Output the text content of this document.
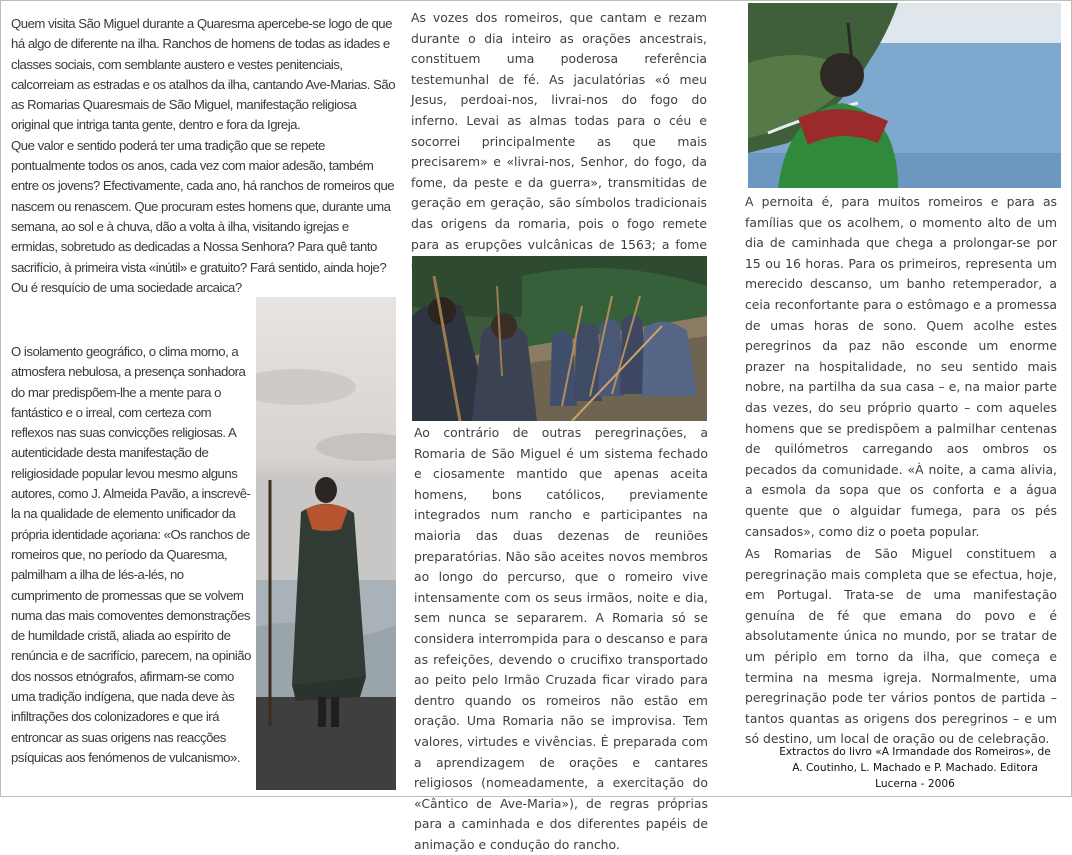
Quem visita São Miguel durante a Quaresma apercebe-se logo de que há algo de diferente na ilha. Ranchos de homens de todas as idades e classes sociais, com semblante austero e vestes penitenciais, calcorreiam as estradas e os atalhos da ilha, cantando Ave-Marias. São as Romarias Quaresmais de São Miguel, manifestação religiosa original que intriga tanta gente, dentro e fora da Igreja.

Que valor e sentido poderá ter uma tradição que se repete pontualmente todos os anos, cada vez com maior adesão, também entre os jovens? Efectivamente, cada ano, há ranchos de romeiros que nascem ou renascem. Que procuram estes homens que, durante uma semana, ao sol e à chuva, dão a volta à ilha, visitando igrejas e ermidas, sobretudo as dedicadas a Nossa Senhora? Para quê tanto sacrifício, à primeira vista «inútil» e gratuito? Fará sentido, ainda hoje? Ou é resquício de uma sociedade arcaica?

O isolamento geográfico, o clima morno, a atmosfera nebulosa, a presença sonhadora do mar predispõem-lhe a mente para o fantástico e o irreal, com certeza com reflexos nas suas convicções religiosas. A autenticidade desta manifestação de religiosidade popular levou mesmo alguns autores, como J. Almeida Pavão, a inscrevê-la na qualidade de elemento unificador da própria identidade açoriana: «Os ranchos de romeiros que, no período da Quaresma, palmilham a ilha de lés-a-lés, no cumprimento de promessas que se volvem numa das mais comoventes demonstrações de humildade cristã, aliada ao espírito de renúncia e de sacrifício, parecem, na opinião dos nossos etnógrafos, afirmam-se como uma tradição indígena, que nada deve às infiltrações dos colonizadores e que irá entroncar as suas origens nas reacções psíquicas aos fenómenos de vulcanismo».

As vozes dos romeiros, que cantam e rezam durante o dia inteiro as orações ancestrais, constituem uma poderosa referência testemunhal de fé. As jaculatórias «ó meu Jesus, perdoai-nos, livrai-nos do fogo do inferno. Levai as almas todas para o céu e socorrei principalmente as que mais precisarem» e «livrai-nos, Senhor, do fogo, da fome, da peste e da guerra», transmitidas de geração em geração, são símbolos tradicionais das origens da romaria, pois o fogo remete para as erupções vulcânicas de 1563; a fome

Ao contrário de outras peregrinações, a Romaria de São Miguel é um sistema fechado e ciosamente mantido que apenas aceita homens, bons católicos, previamente integrados num rancho e participantes na maioria das duas dezenas de reuniões preparatórias. Não são aceites novos membros ao longo do percurso, que o romeiro vive intensamente com os seus irmãos, noite e dia, sem nunca se separarem. A Romaria só se considera interrompida para o descanso e para as refeições, devendo o crucifixo transportado ao peito pelo Irmão Cruzada ficar virado para dentro quando os romeiros não estão em oração. Uma Romaria não se improvisa. Tem valores, virtudes e vivências. É preparada com a aprendizagem de orações e cantares religiosos (nomeadamente, a exercitação do «Cântico de Ave-Maria»), de regras próprias para a caminhada e dos diferentes papéis de animação e condução do rancho.

A pernoita é, para muitos romeiros e para as famílias que os acolhem, o momento alto de um dia de caminhada que chega a prolongar-se por 15 ou 16 horas. Para os primeiros, representa um merecido descanso, um banho retemperador, a ceia reconfortante para o estômago e a promessa de umas horas de sono. Quem acolhe estes peregrinos da paz não esconde um enorme prazer na hospitalidade, no seu sentido mais nobre, na partilha da sua casa – e, na maior parte das vezes, do seu próprio quarto – com aqueles homens que se predispõem a palmilhar centenas de quilómetros carregando aos ombros os pecados da comunidade. «À noite, a cama alivia, a esmola da sopa que os conforta e a água quente que o alguidar fumega, para os pés cansados», como diz o poeta popular.

As Romarias de São Miguel constituem a peregrinação mais completa que se efectua, hoje, em Portugal. Trata-se de uma manifestação genuína de fé que emana do povo e é absolutamente única no mundo, por se tratar de um périplo em torno da ilha, que começa e termina na mesma igreja. Normalmente, uma peregrinação pode ter vários pontos de partida – tantos quantas as origens dos peregrinos – e um só destino, um local de oração ou de celebração.

Extractos do livro «A Irmandade dos Romeiros», de
A. Coutinho, L. Machado e P. Machado. Editora
Lucerna - 2006
